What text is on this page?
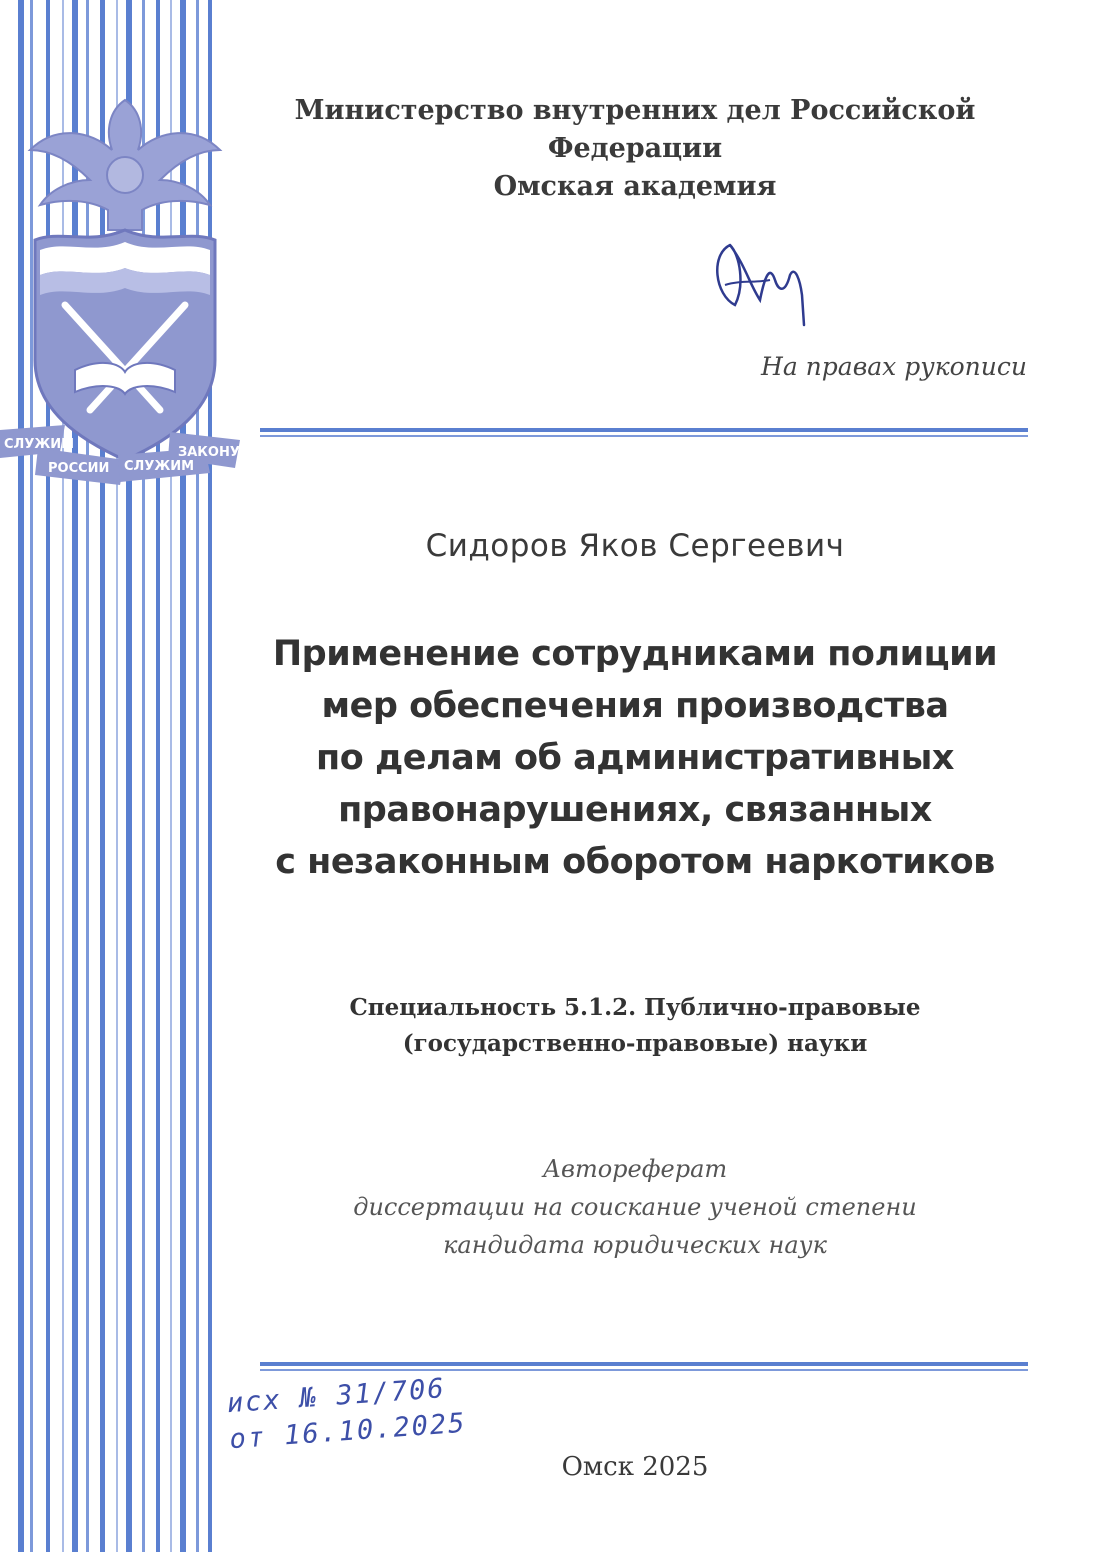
СЛУЖИМ
РОССИИ СЛУЖИМ
ЗАКОНУ
Министерство внутренних дел Российской Федерации
Омская академия
На правах рукописи
Сидоров Яков Сергеевич
Применение сотрудниками полиции
мер обеспечения производства
по делам об административных
правонарушениях, связанных
с незаконным оборотом наркотиков
Специальность 5.1.2. Публично-правовые
(государственно-правовые) науки
Автореферат
диссертации на соискание ученой степени
кандидата юридических наук
исх № 31/706
от 16.10.2025
Омск 2025
